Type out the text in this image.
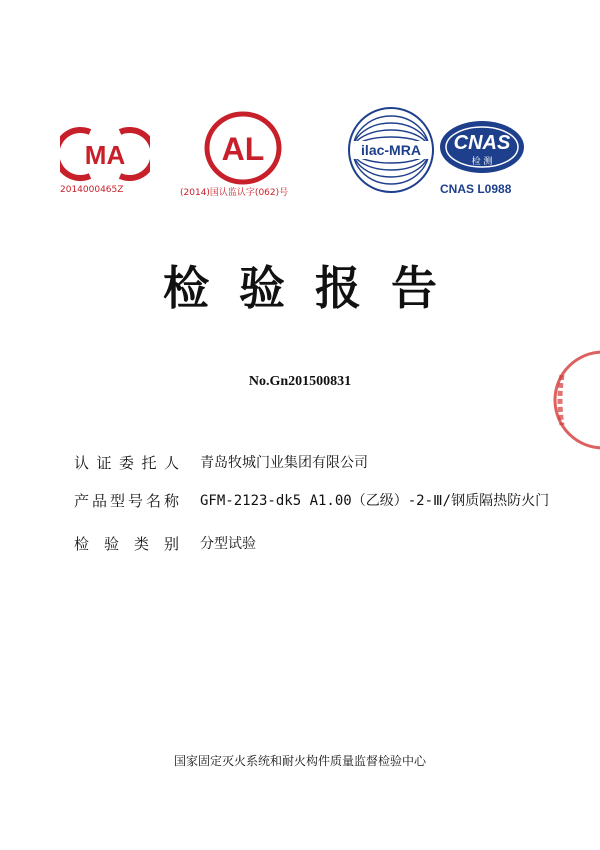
MA
2014000465Z
AL
(2014)国认监认字(062)号
ilac-MRA CNAS
检 测
CNAS L0988
检验报告
No.Gn201500831
认证委托人 青岛牧城门业集团有限公司
产品型号名称 GFM-2123-dk5 A1.00（乙级）-2-Ⅲ/钢质隔热防火门
检验类别 分型试验
国家固定灭火系统和耐火构件质量监督检验中心
